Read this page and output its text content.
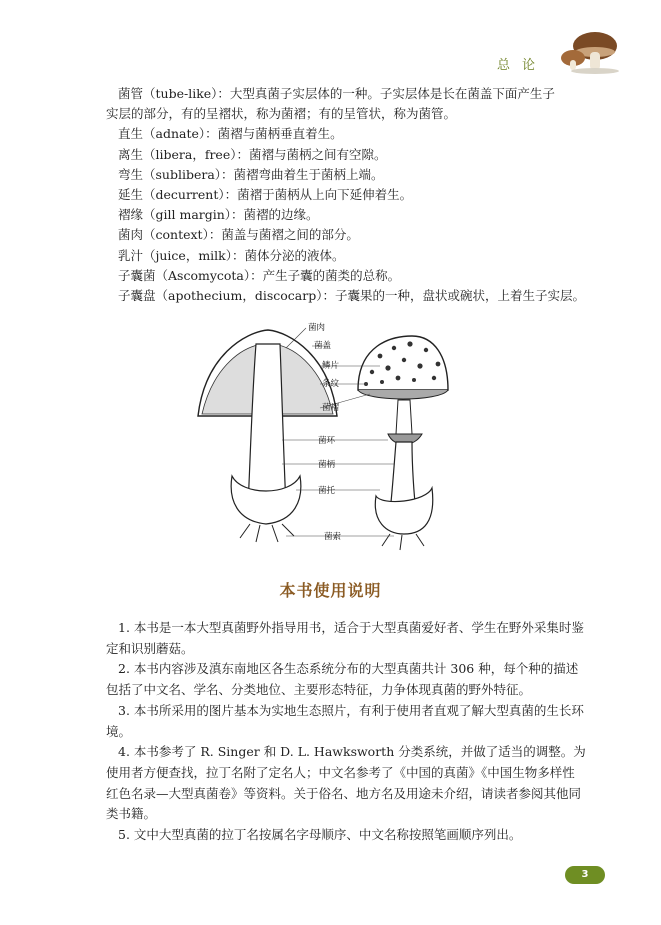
总论

菌管（tube-like）：大型真菌子实层体的一种。子实层体是长在菌盖下面产生子

实层的部分，有的呈褶状，称为菌褶；有的呈管状，称为菌管。

直生（adnate）：菌褶与菌柄垂直着生。

离生（libera，free）：菌褶与菌柄之间有空隙。

弯生（sublibera）：菌褶弯曲着生于菌柄上端。

延生（decurrent）：菌褶于菌柄从上向下延伸着生。

褶缘（gill margin）：菌褶的边缘。

菌肉（context）：菌盖与菌褶之间的部分。

乳汁（juice，milk）：菌体分泌的液体。

子囊菌（Ascomycota）：产生子囊的菌类的总称。

子囊盘（apothecium，discocarp）：子囊果的一种，盘状或碗状，上着生子实层。

菌肉
菌盖
鳞片
条纹
菌褶
菌环
菌柄
菌托
菌索
本书使用说明

1. 本书是一本大型真菌野外指导用书，适合于大型真菌爱好者、学生在野外采集时鉴定和识别蘑菇。

2. 本书内容涉及滇东南地区各生态系统分布的大型真菌共计 306 种，每个种的描述包括了中文名、学名、分类地位、主要形态特征，力争体现真菌的野外特征。

3. 本书所采用的图片基本为实地生态照片，有利于使用者直观了解大型真菌的生长环境。

4. 本书参考了 R. Singer 和 D. L. Hawksworth 分类系统，并做了适当的调整。为使用者方便查找，拉丁名附了定名人；中文名参考了《中国的真菌》《中国生物多样性红色名录—大型真菌卷》等资料。关于俗名、地方名及用途未介绍，请读者参阅其他同类书籍。

5. 文中大型真菌的拉丁名按属名字母顺序、中文名称按照笔画顺序列出。

3
